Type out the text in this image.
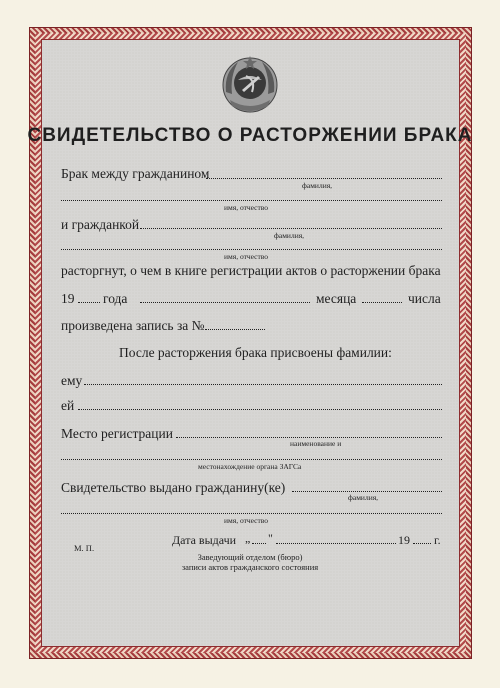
СВИДЕТЕЛЬСТВО О РАСТОРЖЕНИИ БРАКА
Брак между гражданином
фамилия,
имя, отчество
и гражданкой
фамилия,
имя, отчество
расторгнут, о чем в книге регистрации актов о расторжении брака
19 года	месяца	числа
произведена запись за №
После расторжения брака присвоены фамилии:
ему
ей
Место регистрации
наименование и
местонахождение органа ЗАГСа
Свидетельство выдано гражданину(ке)
фамилия,
имя, отчество
М. П.
Дата выдачи „ "	19 г.
Заведующий отделом (бюро)
записи актов гражданского состояния
